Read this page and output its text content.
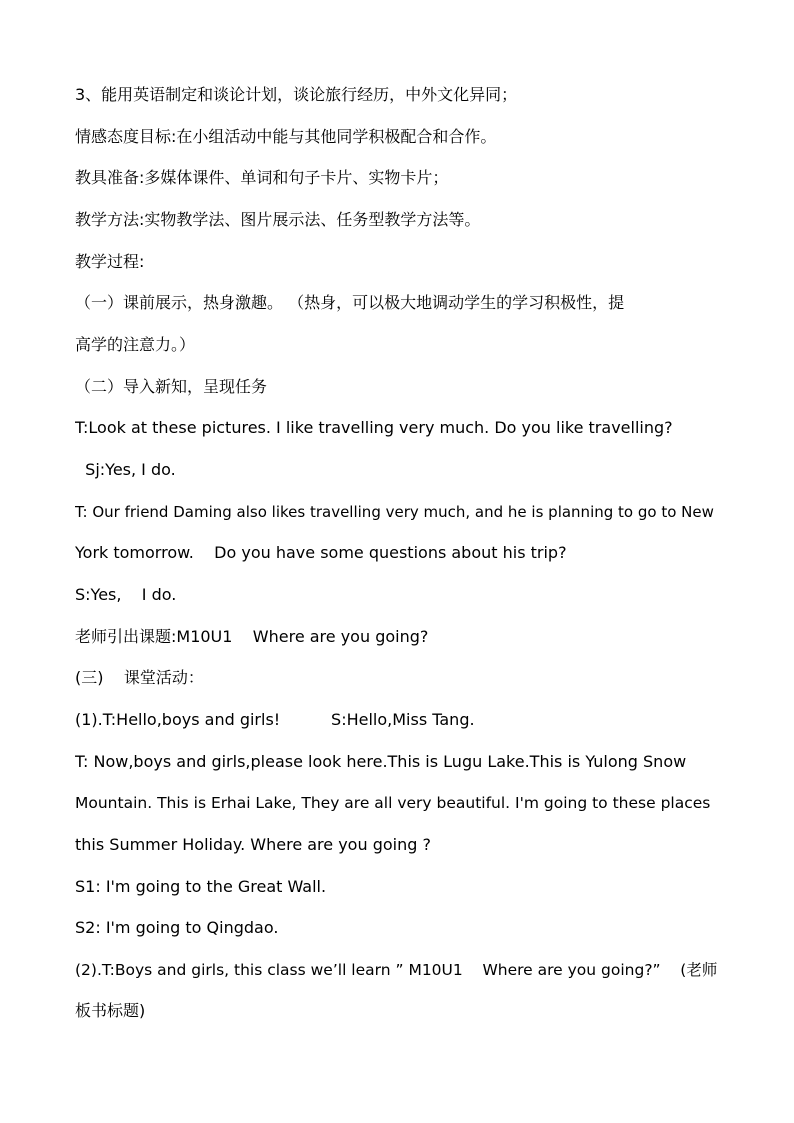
3、能用英语制定和谈论计划，谈论旅行经历，中外文化异同；
情感态度目标:在小组活动中能与其他同学积极配合和合作。
教具准备:多媒体课件、单词和句子卡片、实物卡片；
教学方法:实物教学法、图片展示法、任务型教学方法等。
教学过程:
（一）课前展示，热身激趣。 （热身，可以极大地调动学生的学习积极性，提
高学的注意力。）
（二）导入新知，呈现任务
T:Look at these pictures. I like travelling very much. Do you like travelling?
Sj:Yes, I do.
T: Our friend Daming also likes travelling very much, and he is planning to go to New
York tomorrow.    Do you have some questions about his trip?
S:Yes,    I do.
老师引出课题:M10U1    Where are you going?
(三)    课堂活动：
(1).T:Hello,boys and girls!          S:Hello,Miss Tang.
T: Now,boys and girls,please look here.This is Lugu Lake.This is Yulong Snow
Mountain. This is Erhai Lake, They are all very beautiful. I'm going to these places
this Summer Holiday. Where are you going ?
S1: I'm going to the Great Wall.
S2: I'm going to Qingdao.
(2).T:Boys and girls, this class we’ll learn ” M10U1    Where are you going?”    (老师
板书标题)
